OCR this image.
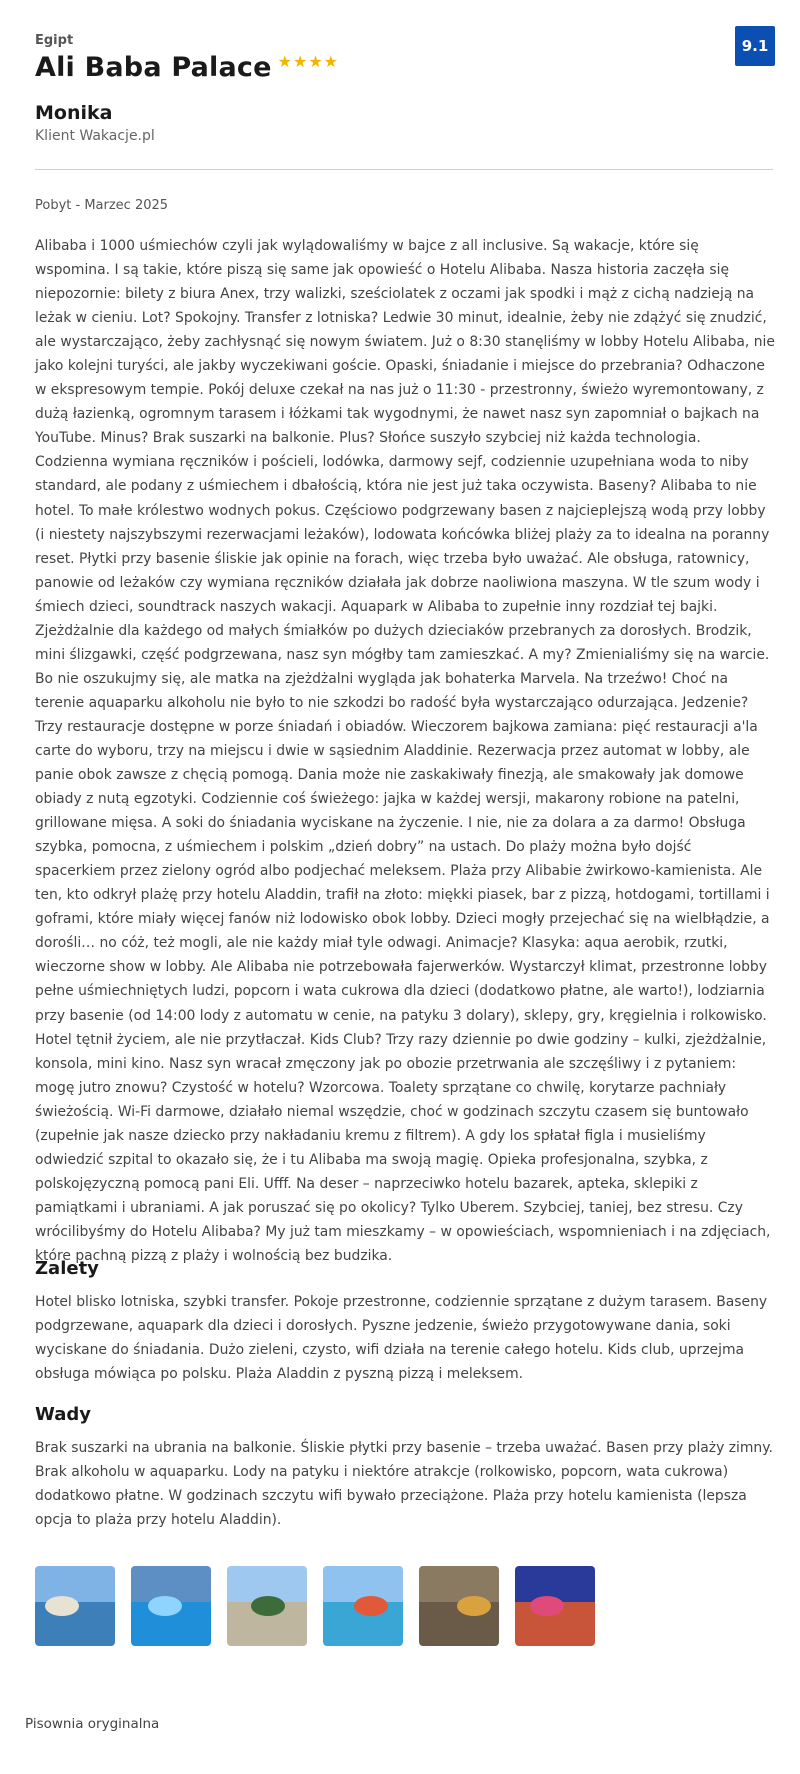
Egipt
Ali Baba Palace ★★★★
9.1
Monika
Klient Wakacje.pl
Pobyt - Marzec 2025
Alibaba i 1000 uśmiechów czyli jak wylądowaliśmy w bajce z all inclusive. Są wakacje, które się wspomina. I są takie, które piszą się same jak opowieść o Hotelu Alibaba. Nasza historia zaczęła się niepozornie: bilety z biura Anex, trzy walizki, sześciolatek z oczami jak spodki i mąż z cichą nadzieją na leżak w cieniu. Lot? Spokojny. Transfer z lotniska? Ledwie 30 minut, idealnie, żeby nie zdążyć się znudzić, ale wystarczająco, żeby zachłysnąć się nowym światem. Już o 8:30 stanęliśmy w lobby Hotelu Alibaba, nie jako kolejni turyści, ale jakby wyczekiwani goście. Opaski, śniadanie i miejsce do przebrania? Odhaczone w ekspresowym tempie. Pokój deluxe czekał na nas już o 11:30 - przestronny, świeżo wyremontowany, z dużą łazienką, ogromnym tarasem i łóżkami tak wygodnymi, że nawet nasz syn zapomniał o bajkach na YouTube. Minus? Brak suszarki na balkonie. Plus? Słońce suszyło szybciej niż każda technologia. Codzienna wymiana ręczników i pościeli, lodówka, darmowy sejf, codziennie uzupełniana woda to niby standard, ale podany z uśmiechem i dbałością, która nie jest już taka oczywista. Baseny? Alibaba to nie hotel. To małe królestwo wodnych pokus. Częściowo podgrzewany basen z najcieplejszą wodą przy lobby (i niestety najszybszymi rezerwacjami leżaków), lodowata końcówka bliżej plaży za to idealna na poranny reset. Płytki przy basenie śliskie jak opinie na forach, więc trzeba było uważać. Ale obsługa, ratownicy, panowie od leżaków czy wymiana ręczników działała jak dobrze naoliwiona maszyna. W tle szum wody i śmiech dzieci, soundtrack naszych wakacji. Aquapark w Alibaba to zupełnie inny rozdział tej bajki. Zjeżdżalnie dla każdego od małych śmiałków po dużych dzieciaków przebranych za dorosłych. Brodzik, mini ślizgawki, część podgrzewana, nasz syn mógłby tam zamieszkać. A my? Zmienialiśmy się na warcie. Bo nie oszukujmy się, ale matka na zjeżdżalni wygląda jak bohaterka Marvela. Na trzeźwo! Choć na terenie aquaparku alkoholu nie było to nie szkodzi bo radość była wystarczająco odurzająca. Jedzenie? Trzy restauracje dostępne w porze śniadań i obiadów. Wieczorem bajkowa zamiana: pięć restauracji a'la carte do wyboru, trzy na miejscu i dwie w sąsiednim Aladdinie. Rezerwacja przez automat w lobby, ale panie obok zawsze z chęcią pomogą. Dania może nie zaskakiwały finezją, ale smakowały jak domowe obiady z nutą egzotyki. Codziennie coś świeżego: jajka w każdej wersji, makarony robione na patelni, grillowane mięsa. A soki do śniadania wyciskane na życzenie. I nie, nie za dolara a za darmo! Obsługa szybka, pomocna, z uśmiechem i polskim „dzień dobry” na ustach. Do plaży można było dojść spacerkiem przez zielony ogród albo podjechać meleksem. Plaża przy Alibabie żwirkowo-kamienista. Ale ten, kto odkrył plażę przy hotelu Aladdin, trafił na złoto: miękki piasek, bar z pizzą, hotdogami, tortillami i goframi, które miały więcej fanów niż lodowisko obok lobby. Dzieci mogły przejechać się na wielbłądzie, a dorośli… no cóż, też mogli, ale nie każdy miał tyle odwagi. Animacje? Klasyka: aqua aerobik, rzutki, wieczorne show w lobby. Ale Alibaba nie potrzebowała fajerwerków. Wystarczył klimat, przestronne lobby pełne uśmiechniętych ludzi, popcorn i wata cukrowa dla dzieci (dodatkowo płatne, ale warto!), lodziarnia przy basenie (od 14:00 lody z automatu w cenie, na patyku 3 dolary), sklepy, gry, kręgielnia i rolkowisko. Hotel tętnił życiem, ale nie przytłaczał. Kids Club? Trzy razy dziennie po dwie godziny – kulki, zjeżdżalnie, konsola, mini kino. Nasz syn wracał zmęczony jak po obozie przetrwania ale szczęśliwy i z pytaniem: mogę jutro znowu? Czystość w hotelu? Wzorcowa. Toalety sprzątane co chwilę, korytarze pachniały świeżością. Wi-Fi darmowe, działało niemal wszędzie, choć w godzinach szczytu czasem się buntowało (zupełnie jak nasze dziecko przy nakładaniu kremu z filtrem). A gdy los spłatał figla i musieliśmy odwiedzić szpital to okazało się, że i tu Alibaba ma swoją magię. Opieka profesjonalna, szybka, z polskojęzyczną pomocą pani Eli. Ufff. Na deser – naprzeciwko hotelu bazarek, apteka, sklepiki z pamiątkami i ubraniami. A jak poruszać się po okolicy? Tylko Uberem. Szybciej, taniej, bez stresu. Czy wrócilibyśmy do Hotelu Alibaba? My już tam mieszkamy – w opowieściach, wspomnieniach i na zdjęciach, które pachną pizzą z plaży i wolnością bez budzika.
Zalety
Hotel blisko lotniska, szybki transfer. Pokoje przestronne, codziennie sprzątane z dużym tarasem. Baseny podgrzewane, aquapark dla dzieci i dorosłych. Pyszne jedzenie, świeżo przygotowywane dania, soki wyciskane do śniadania. Dużo zieleni, czysto, wifi działa na terenie całego hotelu. Kids club, uprzejma obsługa mówiąca po polsku. Plaża Aladdin z pyszną pizzą i meleksem.
Wady
Brak suszarki na ubrania na balkonie. Śliskie płytki przy basenie – trzeba uważać. Basen przy plaży zimny. Brak alkoholu w aquaparku. Lody na patyku i niektóre atrakcje (rolkowisko, popcorn, wata cukrowa) dodatkowo płatne. W godzinach szczytu wifi bywało przeciążone. Plaża przy hotelu kamienista (lepsza opcja to plaża przy hotelu Aladdin).
Pisownia oryginalna
